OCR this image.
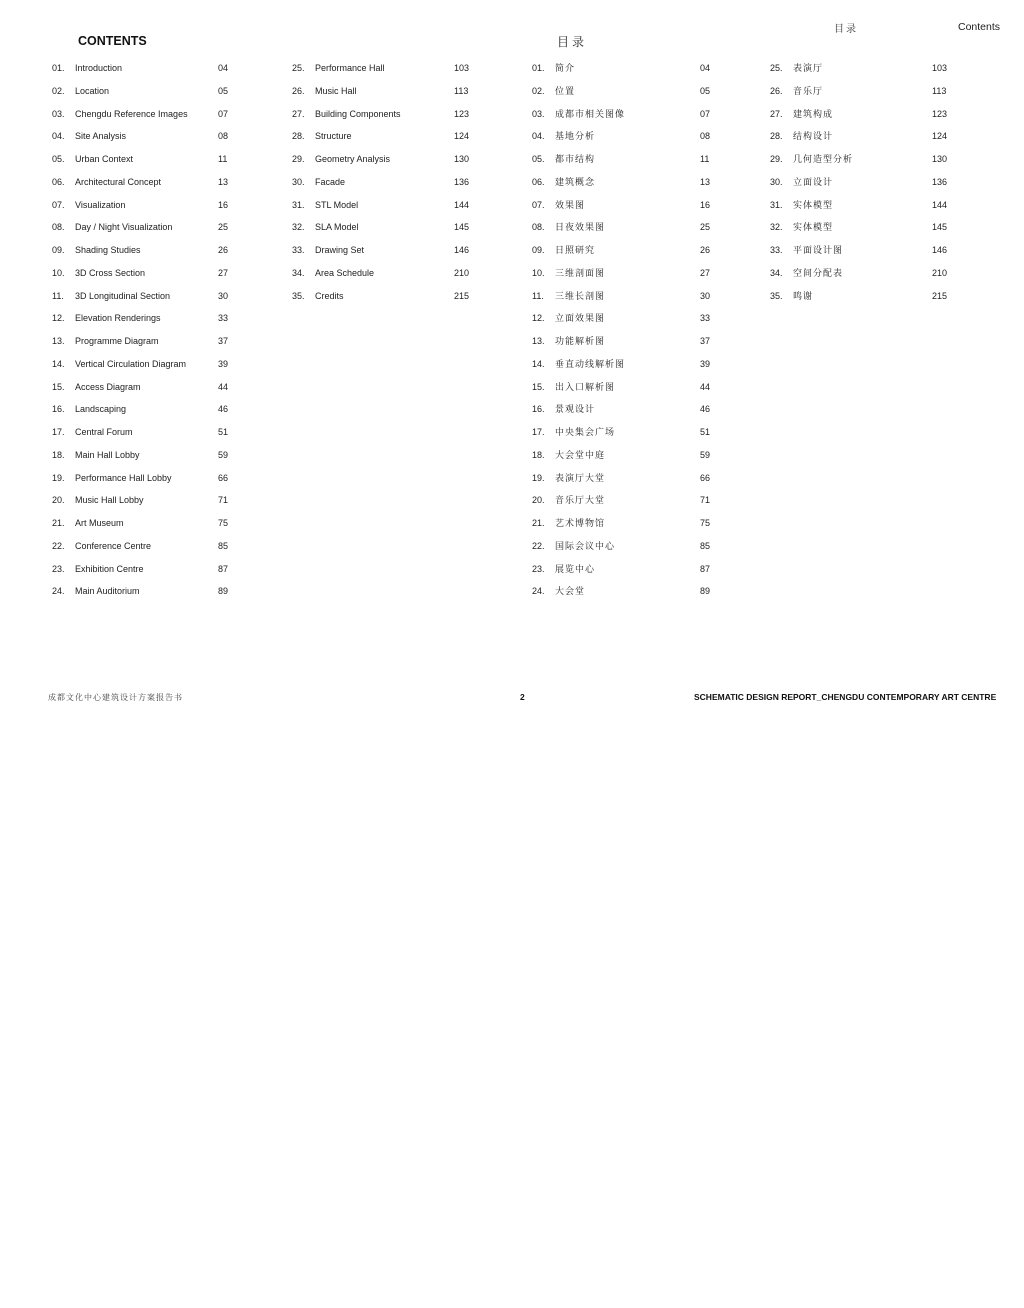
目录	Contents
CONTENTS	目录
01. Introduction	04
02. Location	05
03. Chengdu Reference Images	07
04. Site Analysis	08
05. Urban Context	11
06. Architectural Concept	13
07. Visualization	16
08. Day / Night Visualization	25
09. Shading Studies	26
10. 3D Cross Section	27
11. 3D Longitudinal Section	30
12. Elevation Renderings	33
13. Programme Diagram	37
14. Vertical Circulation Diagram	39
15. Access Diagram	44
16. Landscaping	46
17. Central Forum	51
18. Main Hall Lobby	59
19. Performance Hall Lobby	66
20. Music Hall Lobby	71
21. Art Museum	75
22. Conference Centre	85
23. Exhibition Centre	87
24. Main Auditorium	89
25. Performance Hall	103
26. Music Hall	113
27. Building Components	123
28. Structure	124
29. Geometry Analysis	130
30. Facade	136
31. STL Model	144
32. SLA Model	145
33. Drawing Set	146
34. Area Schedule	210
35. Credits	215
01. 简介	04
02. 位置	05
03. 成都市相关图像	07
04. 基地分析	08
05. 都市结构	11
06. 建筑概念	13
07. 效果图	16
08. 日夜效果图	25
09. 日照研究	26
10. 三维剖面图	27
11. 三维长剖图	30
12. 立面效果图	33
13. 功能解析图	37
14. 垂直动线解析图	39
15. 出入口解析图	44
16. 景观设计	46
17. 中央集会广场	51
18. 大会堂中庭	59
19. 表演厅大堂	66
20. 音乐厅大堂	71
21. 艺术博物馆	75
22. 国际会议中心	85
23. 展览中心	87
24. 大会堂	89
25. 表演厅	103
26. 音乐厅	113
27. 建筑构成	123
28. 结构设计	124
29. 几何造型分析	130
30. 立面设计	136
31. 实体模型	144
32. 实体模型	145
33. 平面设计图	146
34. 空间分配表	210
35. 鸣谢	215
成都文化中心建筑设计方案报告书	2	SCHEMATIC DESIGN REPORT_CHENGDU CONTEMPORARY ART CENTRE
